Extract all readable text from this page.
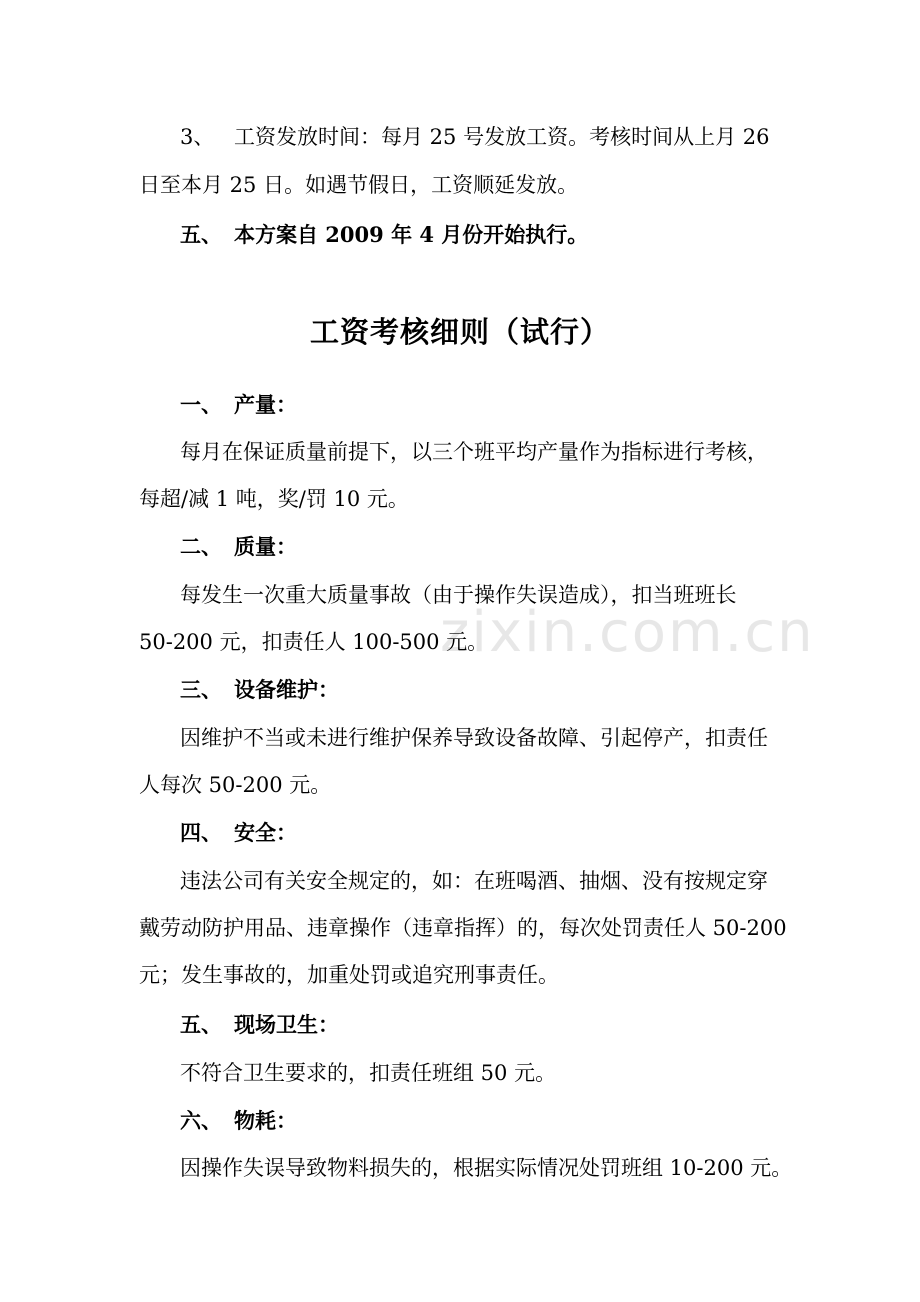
zixin.com.cn
3、 工资发放时间：每月 25 号发放工资。考核时间从上月 26
日至本月 25 日。如遇节假日，工资顺延发放。
五、 本方案自 2009 年 4 月份开始执行。
工资考核细则（试行）
一、 产量：
每月在保证质量前提下，以三个班平均产量作为指标进行考核，
每超/减 1 吨，奖/罚 10 元。
二、 质量：
每发生一次重大质量事故（由于操作失误造成），扣当班班长
50-200 元，扣责任人 100-500 元。
三、 设备维护：
因维护不当或未进行维护保养导致设备故障、引起停产，扣责任
人每次 50-200 元。
四、 安全：
违法公司有关安全规定的，如：在班喝酒、抽烟、没有按规定穿
戴劳动防护用品、违章操作（违章指挥）的，每次处罚责任人 50-200
元；发生事故的，加重处罚或追究刑事责任。
五、 现场卫生：
不符合卫生要求的，扣责任班组 50 元。
六、 物耗：
因操作失误导致物料损失的，根据实际情况处罚班组 10-200 元。
